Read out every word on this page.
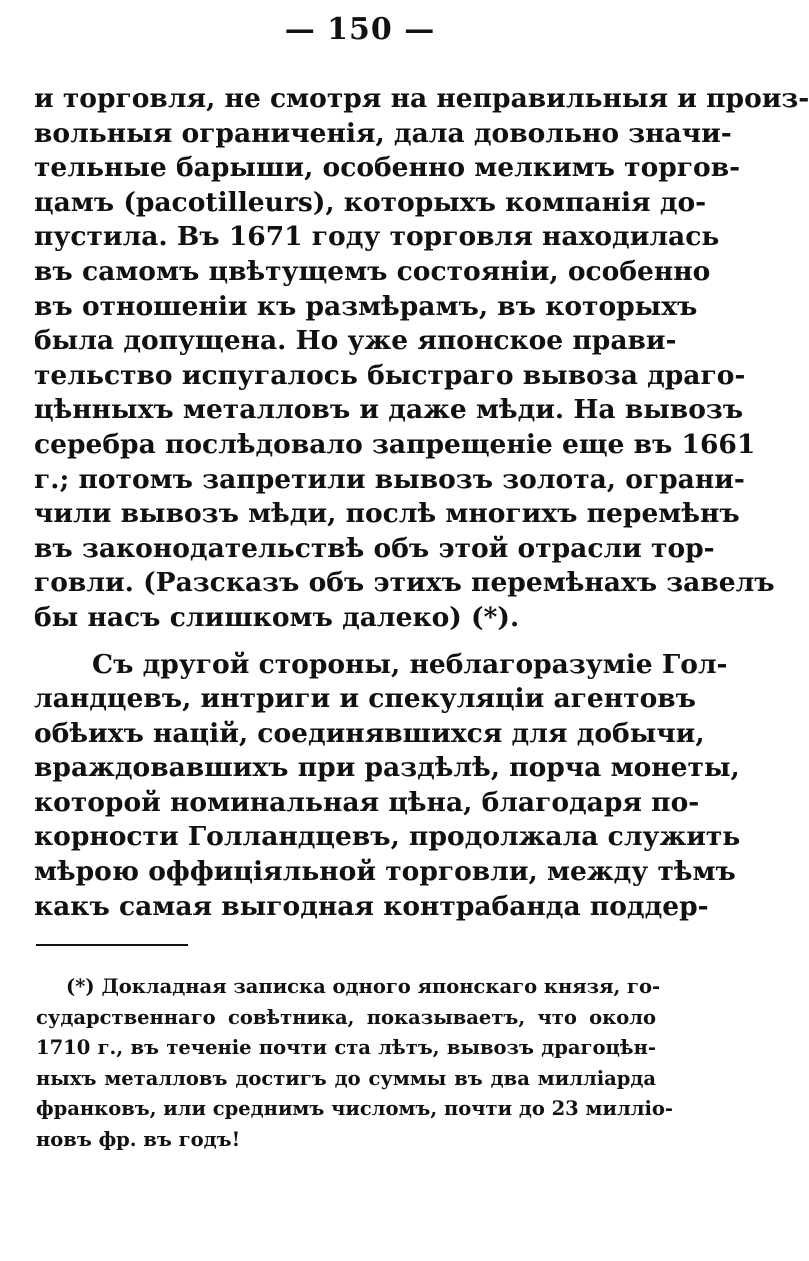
— 150 —
и торговля, не смотря на неправильныя и произ-
вольныя ограниченія, дала довольно значи-
тельные барыши, особенно мелкимъ торгов-
цамъ (pacotilleurs), которыхъ компанія до-
пустила. Въ 1671 году торговля находилась
въ самомъ цвѣтущемъ состояніи, особенно
въ отношеніи къ размѣрамъ, въ которыхъ
была допущена. Но уже японское прави-
тельство испугалось быстраго вывоза драго-
цѣнныхъ металловъ и даже мѣди. На вывозъ
серебра послѣдовало запрещеніе еще въ 1661
г.; потомъ запретили вывозъ золота, ограни-
чили вывозъ мѣди, послѣ многихъ перемѣнъ
въ законодательствѣ объ этой отрасли тор-
говли. (Разсказъ объ этихъ перемѣнахъ завелъ
бы насъ слишкомъ далеко) (*).
Съ другой стороны, неблагоразуміе Гол-
ландцевъ, интриги и спекуляціи агентовъ
обѣихъ націй, соединявшихся для добычи,
враждовавшихъ при раздѣлѣ, порча монеты,
которой номинальная цѣна, благодаря по-
корности Голландцевъ, продолжала служить
мѣрою оффиціяльной торговли, между тѣмъ
какъ самая выгодная контрабанда поддер-
(*) Докладная записка одного японскаго князя, го-
сударственнаго совѣтника, показываетъ, что около
1710 г., въ теченіе почти ста лѣтъ, вывозъ драгоцѣн-
ныхъ металловъ достигъ до суммы въ два милліарда
франковъ, или среднимъ числомъ, почти до 23 милліо-
новъ фр. въ годъ!
